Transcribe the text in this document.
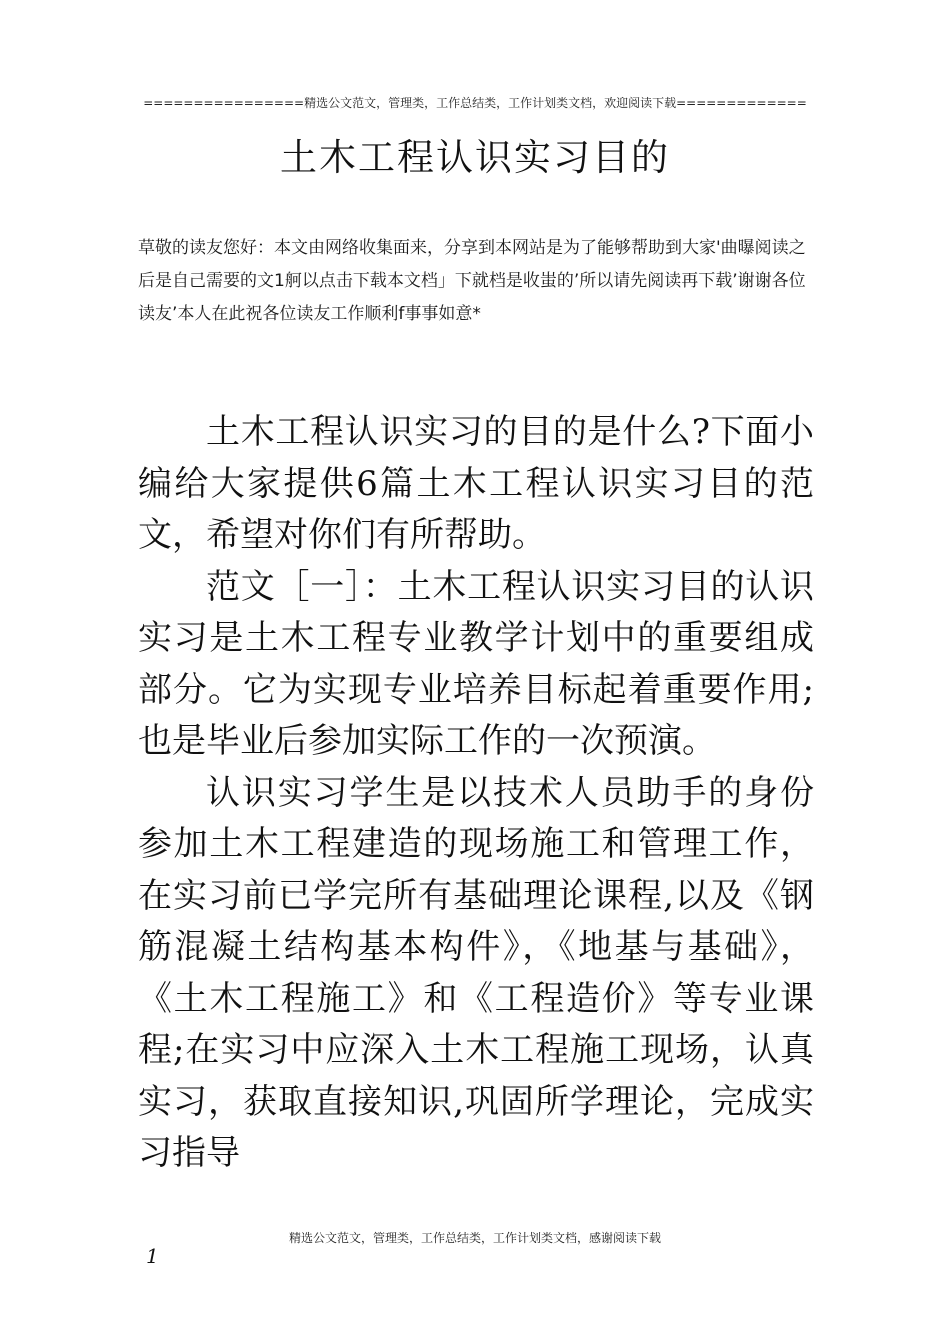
================精选公文范文，管理类，工作总结类，工作计划类文档，欢迎阅读下载=============
土木工程认识实习目的

草敬的读友您好：本文由网络收集面来，分享到本网站是为了能够帮助到大家'曲曝阅读之后是自己需要的文1舸以点击下载本文档」下就档是收蚩的’所以请先阅读再下载’谢谢各位读友’本人在此祝各位读友工作顺利f事事如意*

土木工程认识实习的目的是什么?下面小编给大家提供6篇土木工程认识实习目的范文，希望对你们有所帮助。

范文［一］：土木工程认识实习目的认识实习是土木工程专业教学计划中的重要组成部分。它为实现专业培养目标起着重要作用;也是毕业后参加实际工作的一次预演。

认识实习学生是以技术人员助手的身份参加土木工程建造的现场施工和管理工作，在实习前已学完所有基础理论课程,以及《钢筋混凝土结构基本构件》，《地基与基础》，《土木工程施工》和《工程造价》等专业课程;在实习中应深入土木工程施工现场，认真实习，获取直接知识,巩固所学理论，完成实习指导

精选公文范文，管理类，工作总结类，工作计划类文档，感谢阅读下载
1
